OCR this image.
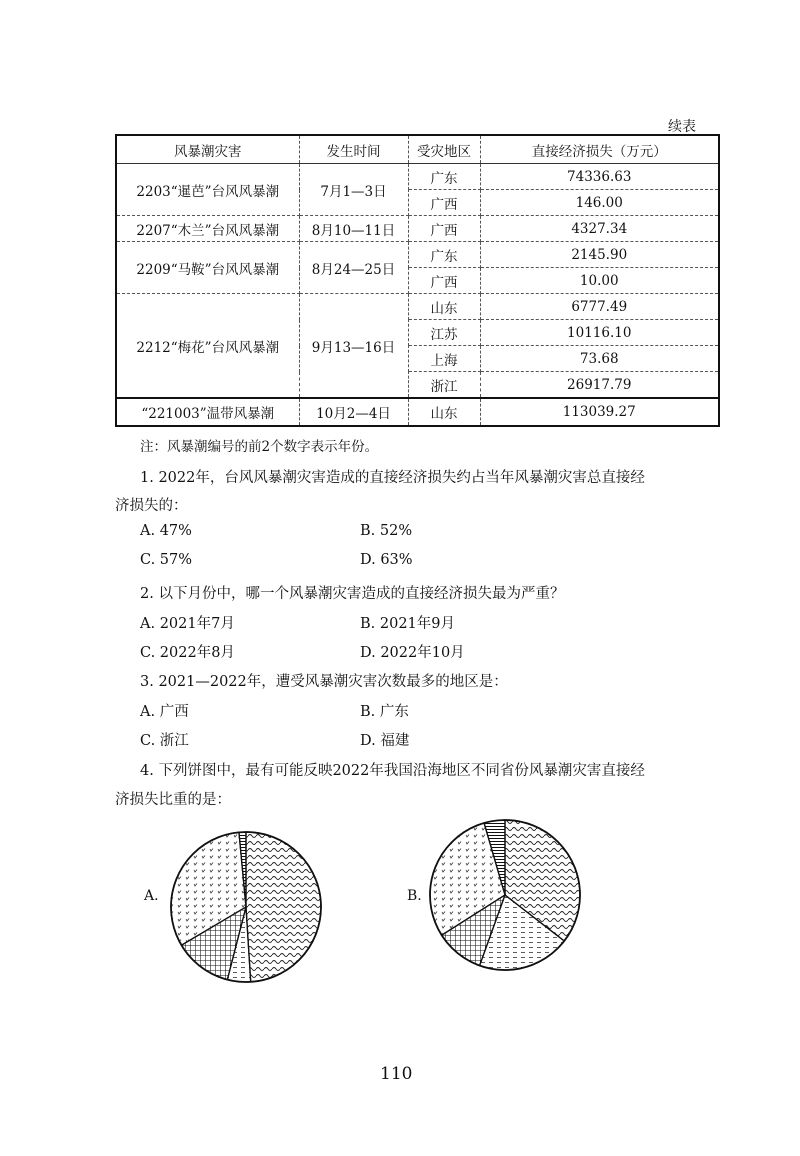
续表
风暴潮灾害	发生时间	受灾地区	直接经济损失（万元）
2203“暹芭”台风风暴潮	7月1—3日	广东	74336.63
		广西	146.00
2207“木兰”台风风暴潮	8月10—11日	广西	4327.34
2209“马鞍”台风风暴潮	8月24—25日	广东	2145.90
		广西	10.00
2212“梅花”台风风暴潮	9月13—16日	山东	6777.49
		江苏	10116.10
		上海	73.68
		浙江	26917.79
“221003”温带风暴潮	10月2—4日	山东	113039.27
注：风暴潮编号的前2个数字表示年份。
1. 2022年，台风风暴潮灾害造成的直接经济损失约占当年风暴潮灾害总直接经
济损失的：
A. 47%	B. 52%
C. 57%	D. 63%
2. 以下月份中，哪一个风暴潮灾害造成的直接经济损失最为严重？
A. 2021年7月	B. 2021年9月
C. 2022年8月	D. 2022年10月
3. 2021—2022年，遭受风暴潮灾害次数最多的地区是：
A. 广西	B. 广东
C. 浙江	D. 福建
4. 下列饼图中，最有可能反映2022年我国沿海地区不同省份风暴潮灾害直接经
济损失比重的是：
A.	B.
110
